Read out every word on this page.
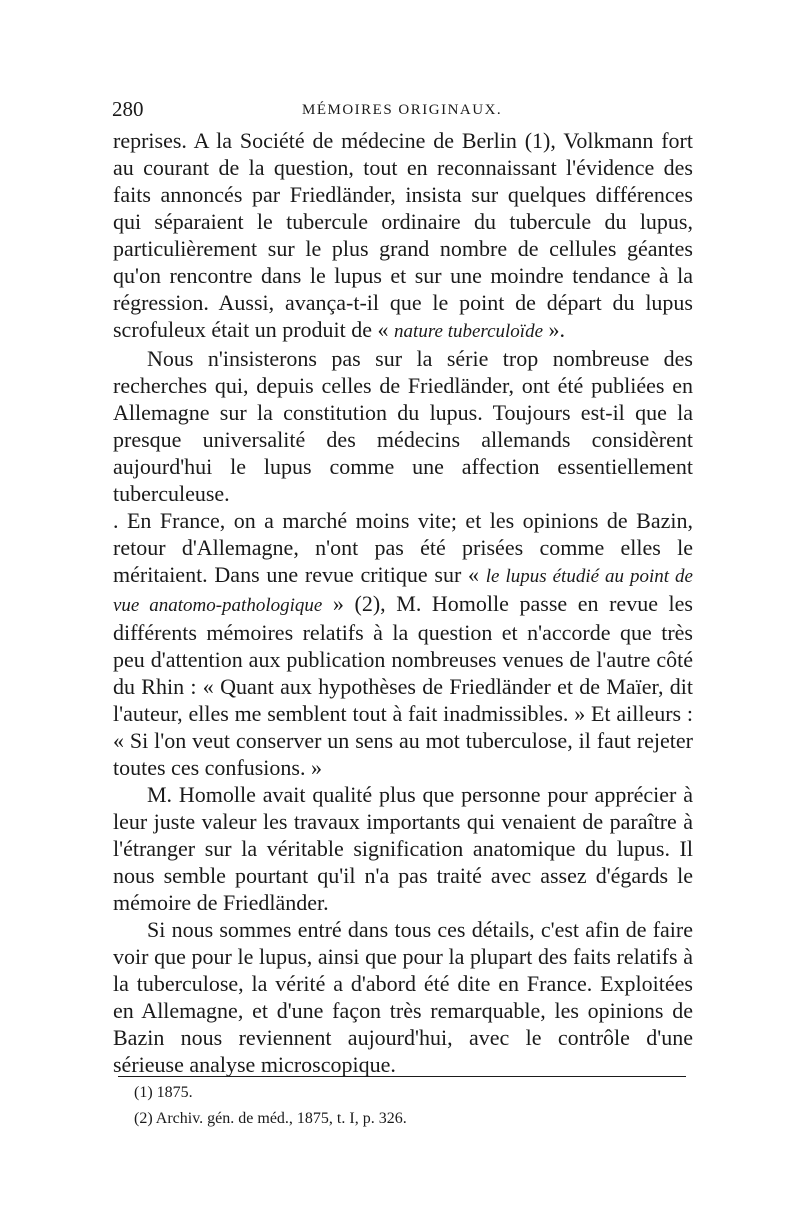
280	MÉMOIRES ORIGINAUX.

reprises. A la Société de médecine de Berlin (1), Volkmann fort au courant de la question, tout en reconnaissant l'évidence des faits annoncés par Friedländer, insista sur quelques différences qui séparaient le tubercule ordinaire du tubercule du lupus, particulièrement sur le plus grand nombre de cellules géantes qu'on rencontre dans le lupus et sur une moindre tendance à la régression. Aussi, avança-t-il que le point de départ du lupus scrofuleux était un produit de « nature tuberculoïde ».

Nous n'insisterons pas sur la série trop nombreuse des recherches qui, depuis celles de Friedländer, ont été publiées en Allemagne sur la constitution du lupus. Toujours est-il que la presque universalité des médecins allemands considèrent aujourd'hui le lupus comme une affection essentiellement tuberculeuse.

. En France, on a marché moins vite; et les opinions de Bazin, retour d'Allemagne, n'ont pas été prisées comme elles le méritaient. Dans une revue critique sur « le lupus étudié au point de vue anatomo-pathologique » (2), M. Homolle passe en revue les différents mémoires relatifs à la question et n'accorde que très peu d'attention aux publication nombreuses venues de l'autre côté du Rhin : « Quant aux hypothèses de Friedländer et de Maïer, dit l'auteur, elles me semblent tout à fait inadmissibles. » Et ailleurs : « Si l'on veut conserver un sens au mot tuberculose, il faut rejeter toutes ces confusions. »

M. Homolle avait qualité plus que personne pour apprécier à leur juste valeur les travaux importants qui venaient de paraître à l'étranger sur la véritable signification anatomique du lupus. Il nous semble pourtant qu'il n'a pas traité avec assez d'égards le mémoire de Friedländer.

Si nous sommes entré dans tous ces détails, c'est afin de faire voir que pour le lupus, ainsi que pour la plupart des faits relatifs à la tuberculose, la vérité a d'abord été dite en France. Exploitées en Allemagne, et d'une façon très remarquable, les opinions de Bazin nous reviennent aujourd'hui, avec le contrôle d'une sérieuse analyse microscopique.

(1) 1875.

(2) Archiv. gén. de méd., 1875, t. I, p. 326.
